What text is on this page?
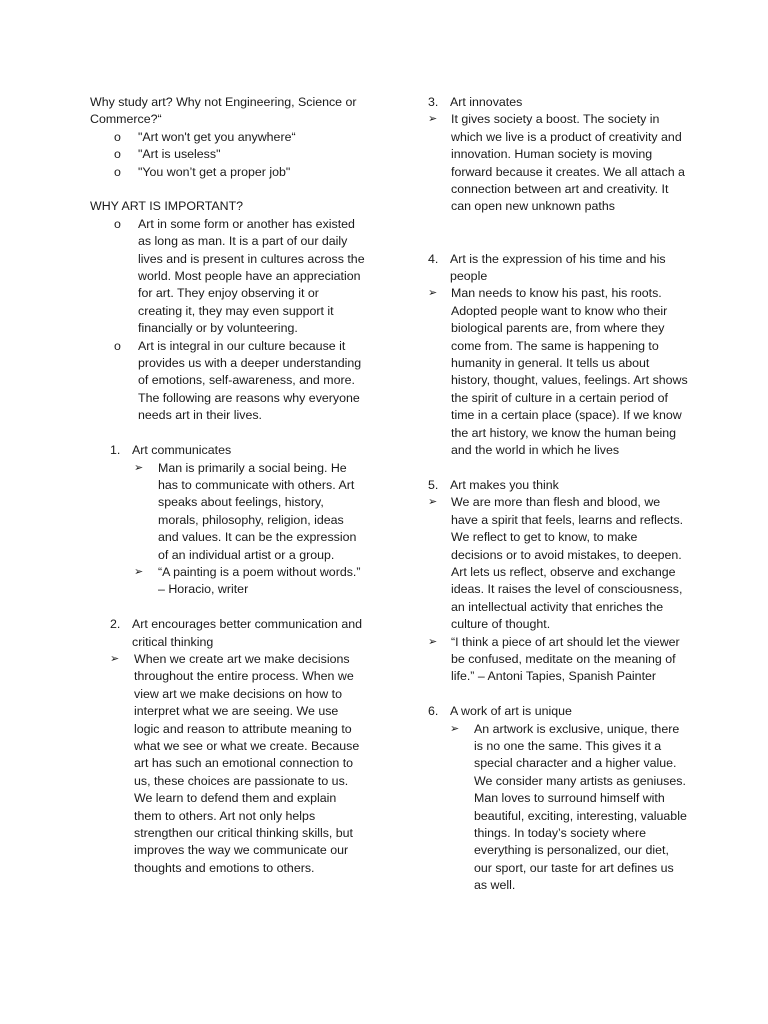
Why study art? Why not Engineering, Science or Commerce?“

o	"Art won't get you anywhere“
o	"Art is useless"
o	"You won’t get a proper job"

WHY ART IS IMPORTANT?

o	Art in some form or another has existed as long as man. It is a part of our daily lives and is present in cultures across the world. Most people have an appreciation for art. They enjoy observing it or creating it, they may even support it financially or by volunteering.
o	Art is integral in our culture because it provides us with a deeper understanding of emotions, self-awareness, and more. The following are reasons why everyone needs art in their lives.
1. Art communicates
➢	Man is primarily a social being. He has to communicate with others. Art speaks about feelings, history, morals, philosophy, religion, ideas and values. It can be the expression of an individual artist or a group.
➢	“A painting is a poem without words.” – Horacio, writer
2. Art encourages better communication and critical thinking
➢	When we create art we make decisions throughout the entire process. When we view art we make decisions on how to interpret what we are seeing. We use logic and reason to attribute meaning to what we see or what we create. Because art has such an emotional connection to us, these choices are passionate to us. We learn to defend them and explain them to others. Art not only helps strengthen our critical thinking skills, but improves the way we communicate our thoughts and emotions to others.
3. Art innovates
➢	It gives society a boost. The society in which we live is a product of creativity and innovation. Human society is moving forward because it creates. We all attach a connection between art and creativity. It can open new unknown paths
4. Art is the expression of his time and his people
➢	Man needs to know his past, his roots. Adopted people want to know who their biological parents are, from where they come from. The same is happening to humanity in general. It tells us about history, thought, values, feelings. Art shows the spirit of culture in a certain period of time in a certain place (space). If we know the art history, we know the human being and the world in which he lives
5. Art makes you think
➢	We are more than flesh and blood, we have a spirit that feels, learns and reflects. We reflect to get to know, to make decisions or to avoid mistakes, to deepen. Art lets us reflect, observe and exchange ideas. It raises the level of consciousness, an intellectual activity that enriches the culture of thought.
➢	“I think a piece of art should let the viewer be confused, meditate on the meaning of life.” – Antoni Tapies, Spanish Painter
6. A work of art is unique
➢	An artwork is exclusive, unique, there is no one the same. This gives it a special character and a higher value. We consider many artists as geniuses. Man loves to surround himself with beautiful, exciting, interesting, valuable things. In today’s society where everything is personalized, our diet, our sport, our taste for art defines us as well.
